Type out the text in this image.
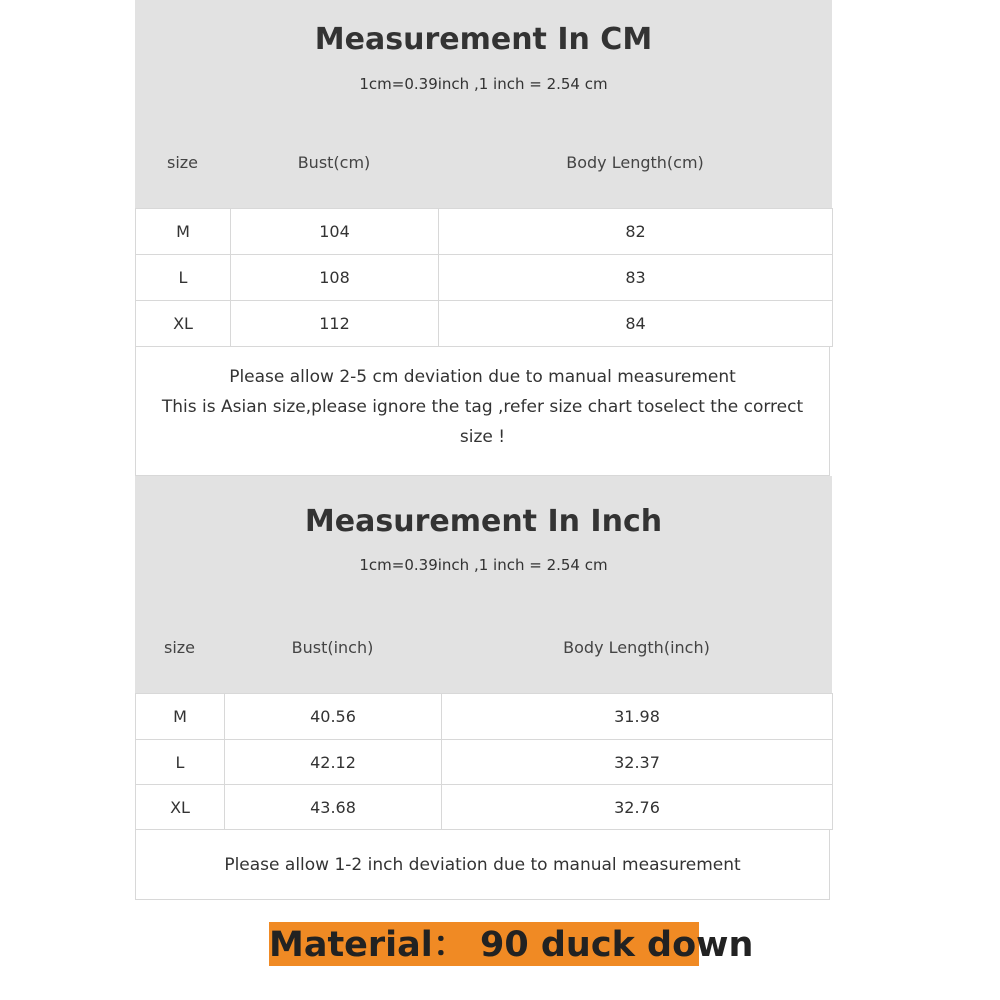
Measurement In CM
1cm=0.39inch ,1 inch = 2.54 cm
size	Bust(cm)	Body Length(cm)
M	104	82
L	108	83
XL	112	84
Please allow 2-5 cm deviation due to manual measurement
This is Asian size,please ignore the tag ,refer size chart toselect the correct
size !
Measurement In Inch
1cm=0.39inch ,1 inch = 2.54 cm
size	Bust(inch)	Body Length(inch)
M	40.56	31.98
L	42.12	32.37
XL	43.68	32.76
Please allow 1-2 inch deviation due to manual measurement
Material： 90 duck down
